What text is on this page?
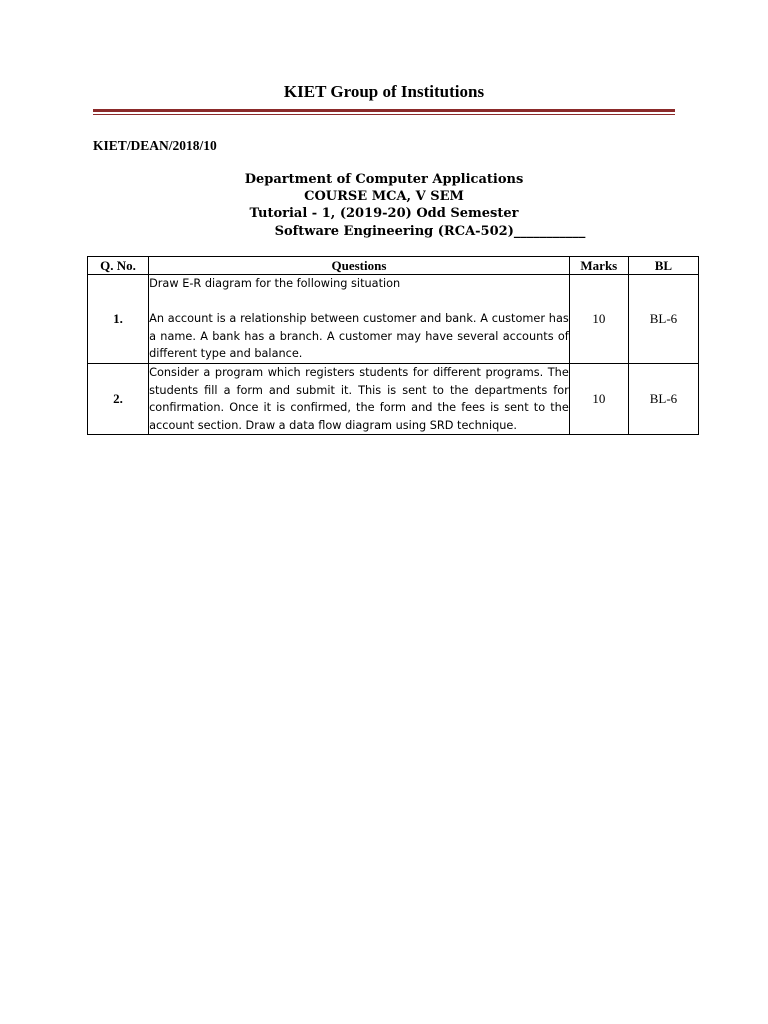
KIET Group of Institutions
KIET/DEAN/2018/10
Department of Computer Applications
COURSE MCA, V SEM
Tutorial - 1, (2019-20) Odd Semester
Software Engineering (RCA-502)___________
Q. No.	Questions	Marks	BL
1.	Draw E-R diagram for the following situation

An account is a relationship between customer and bank. A customer has a name. A bank has a branch. A customer may have several accounts of different type and balance.	10	BL-6
2.	Consider a program which registers students for different programs. The students fill a form and submit it. This is sent to the departments for confirmation. Once it is confirmed, the form and the fees is sent to the account section. Draw a data flow diagram using SRD technique.	10	BL-6
